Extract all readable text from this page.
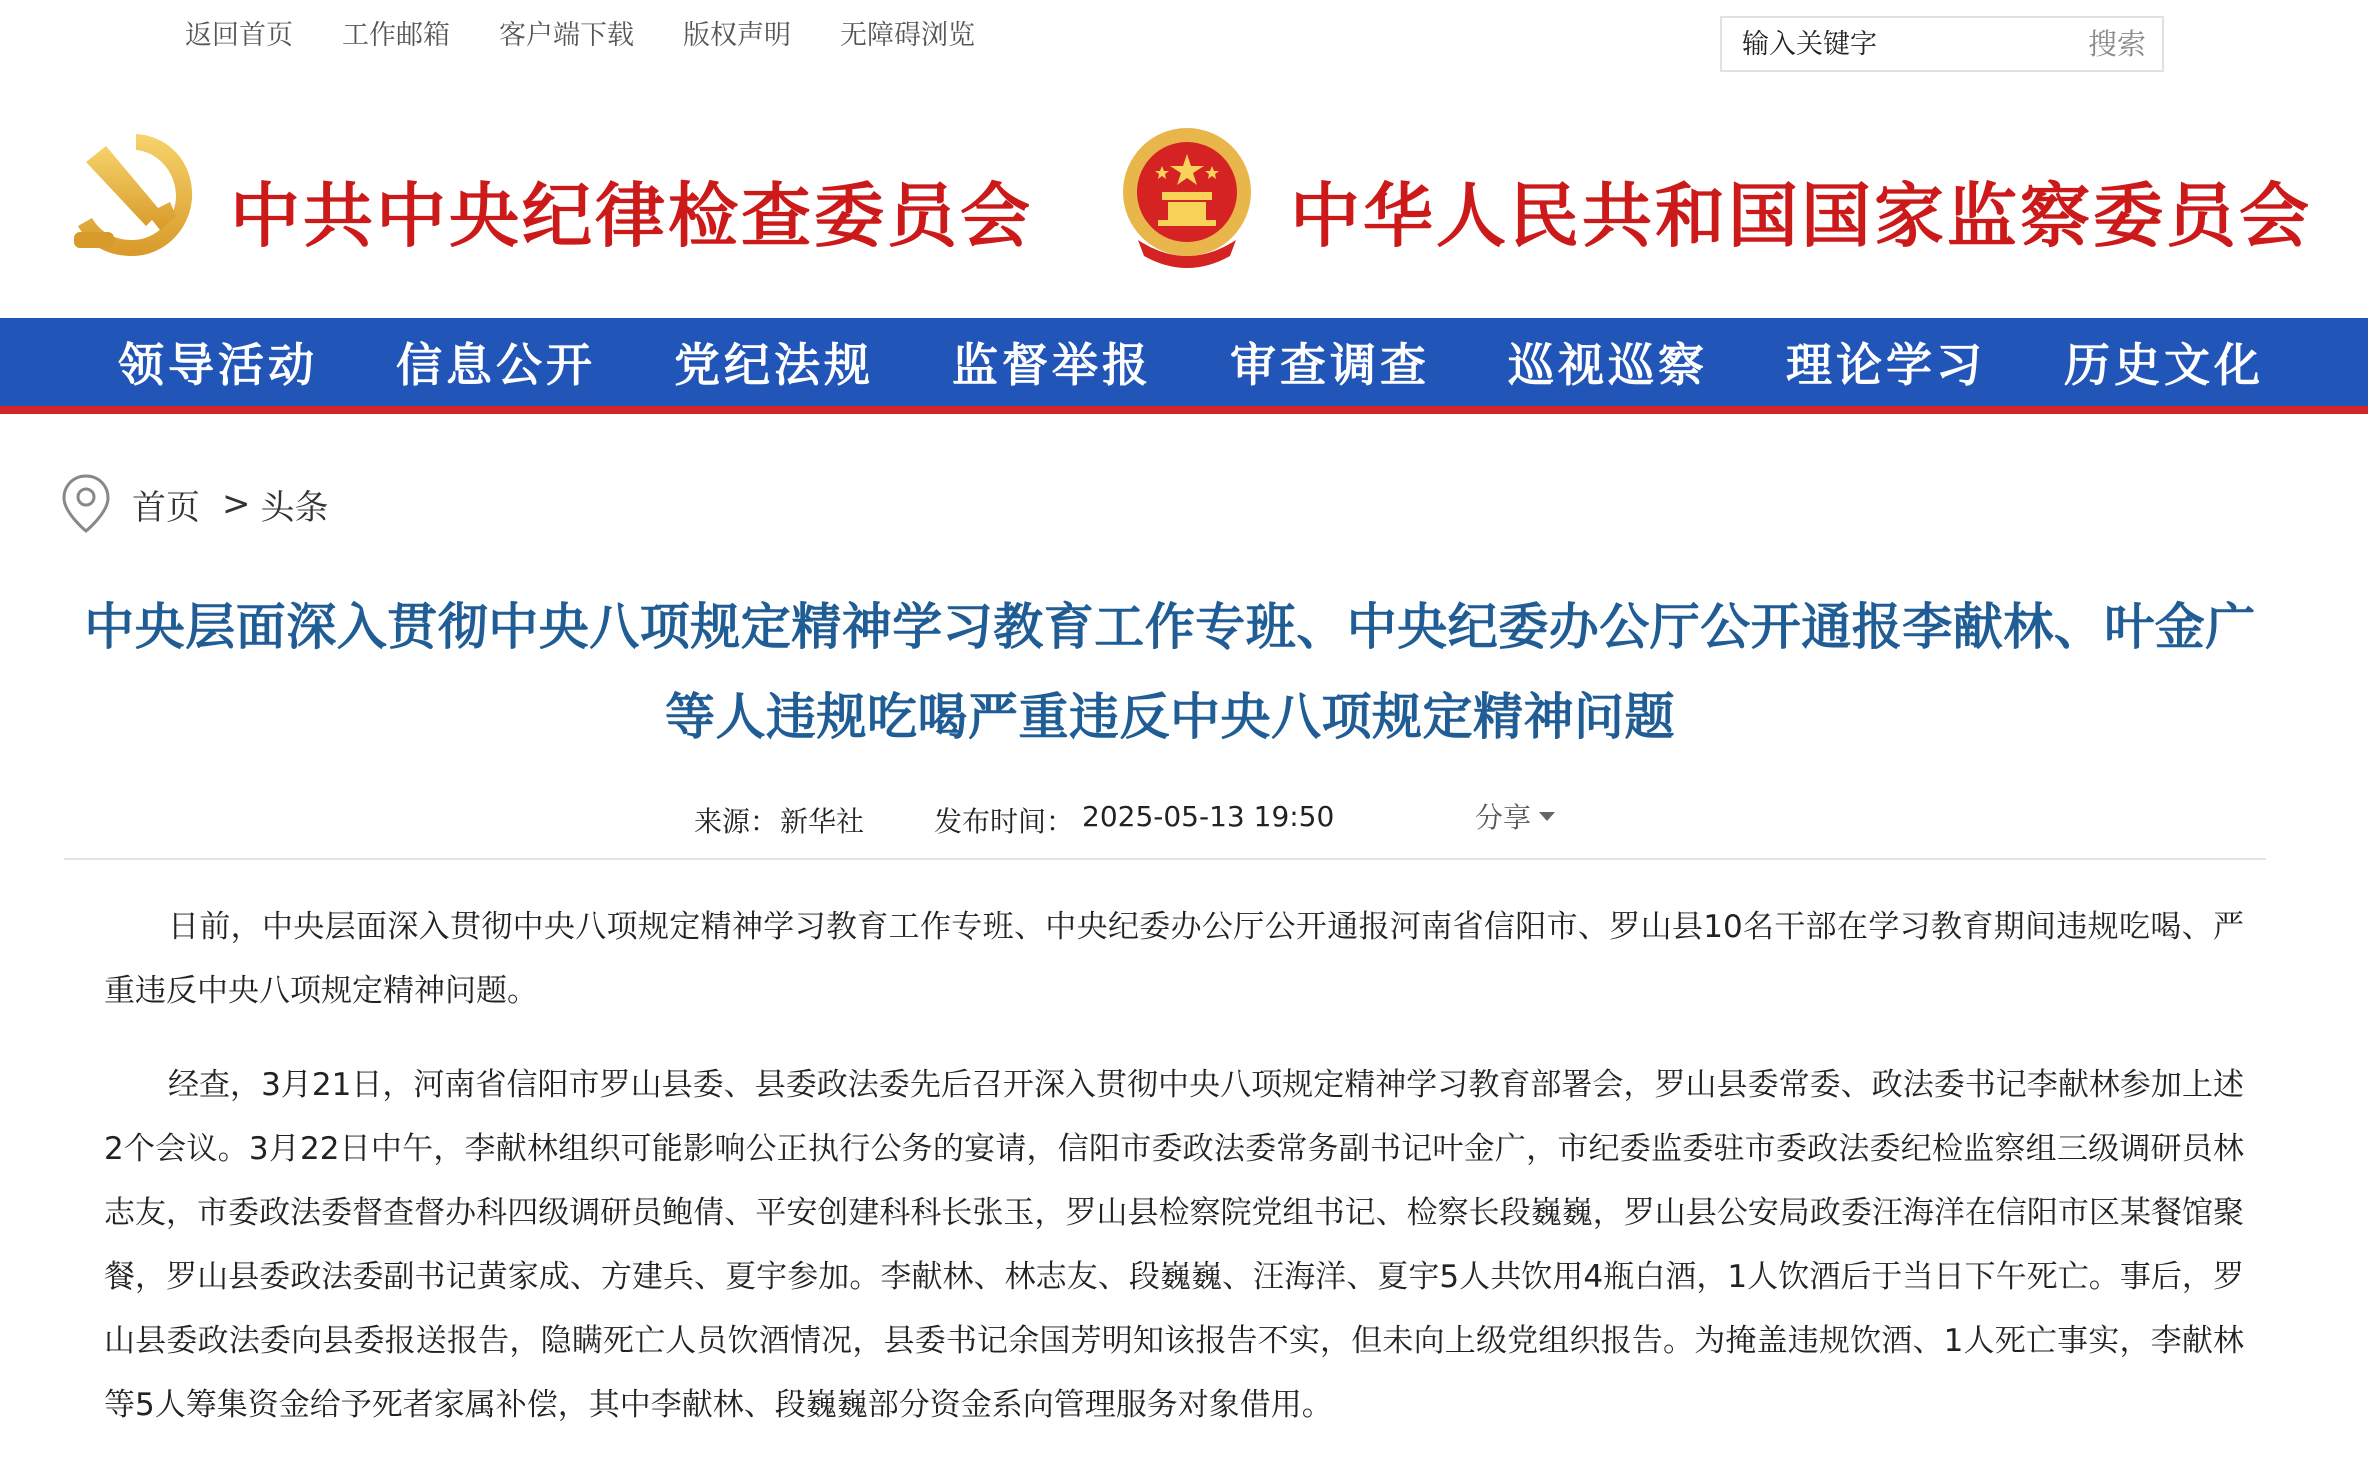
返回首页 工作邮箱 客户端下载 版权声明 无障碍浏览
输入关键字	搜索
中共中央纪律检查委员会	中华人民共和国国家监察委员会
领导活动 信息公开 党纪法规 监督举报 审查调查 巡视巡察 理论学习 历史文化
首页 > 头条
中央层面深入贯彻中央八项规定精神学习教育工作专班、中央纪委办公厅公开通报李献林、叶金广等人违规吃喝严重违反中央八项规定精神问题
来源： 新华社 发布时间： 2025-05-13 19:50	分享

日前，中央层面深入贯彻中央八项规定精神学习教育工作专班、中央纪委办公厅公开通报河南省信阳市、罗山县10名干部在学习教育期间违规吃喝、严重违反中央八项规定精神问题。

经查，3月21日，河南省信阳市罗山县委、县委政法委先后召开深入贯彻中央八项规定精神学习教育部署会，罗山县委常委、政法委书记李献林参加上述2个会议。3月22日中午，李献林组织可能影响公正执行公务的宴请，信阳市委政法委常务副书记叶金广，市纪委监委驻市委政法委纪检监察组三级调研员林志友，市委政法委督查督办科四级调研员鲍倩、平安创建科科长张玉，罗山县检察院党组书记、检察长段巍巍，罗山县公安局政委汪海洋在信阳市区某餐馆聚餐，罗山县委政法委副书记黄家成、方建兵、夏宇参加。李献林、林志友、段巍巍、汪海洋、夏宇5人共饮用4瓶白酒，1人饮酒后于当日下午死亡。事后，罗山县委政法委向县委报送报告，隐瞒死亡人员饮酒情况，县委书记余国芳明知该报告不实，但未向上级党组织报告。为掩盖违规饮酒、1人死亡事实，李献林等5人筹集资金给予死者家属补偿，其中李献林、段巍巍部分资金系向管理服务对象借用。
